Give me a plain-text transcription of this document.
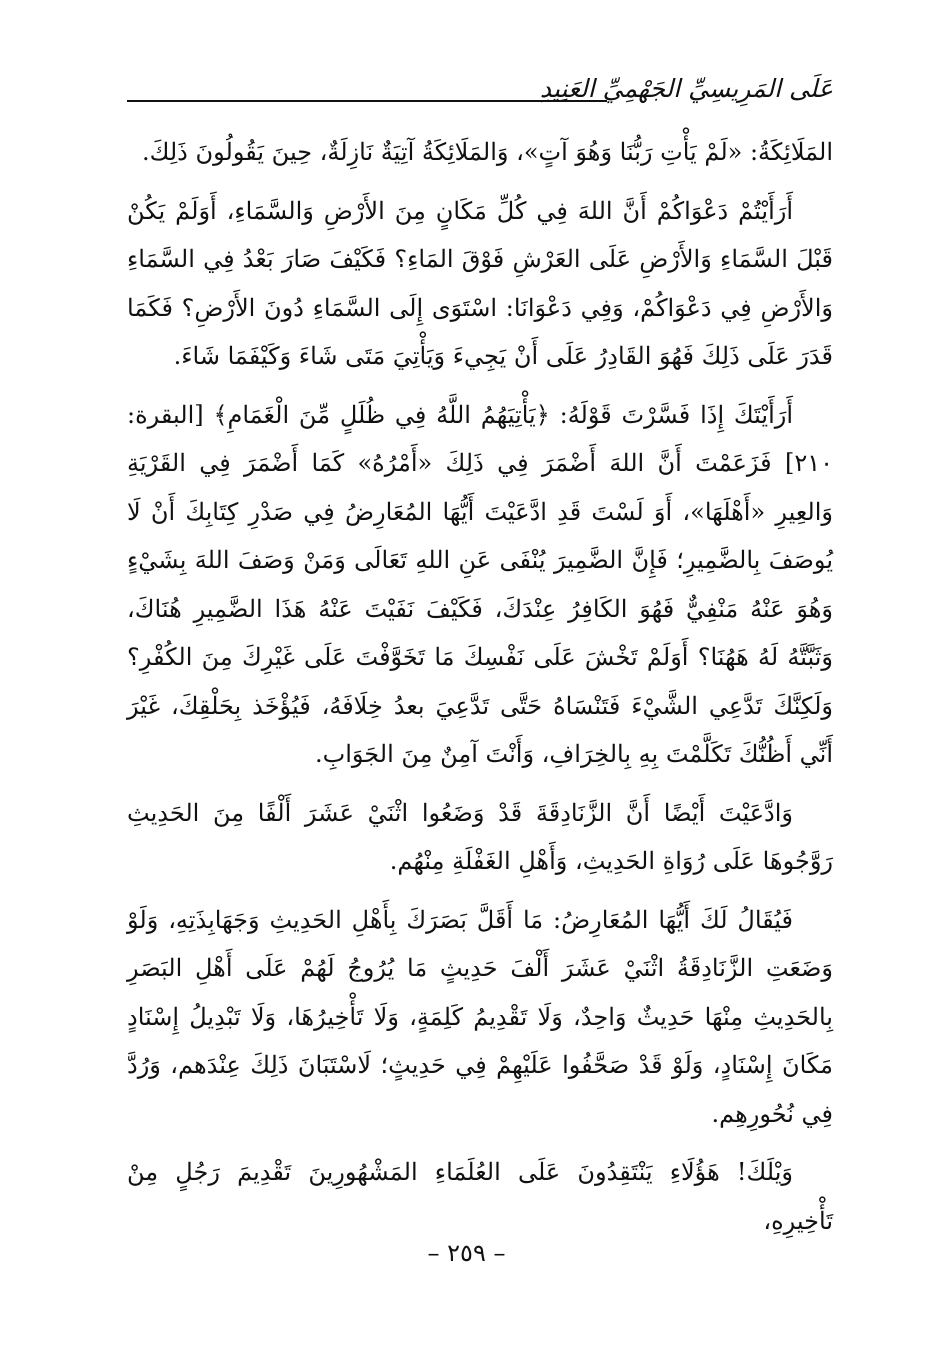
عَلَى المَرِيسِيِّ الجَهْمِيِّ العَنِيدِ

المَلَائِكَةُ: «لَمْ يَأْتِ رَبُّنَا وَهُوَ آتٍ»، وَالمَلَائِكَةُ آتِيَةٌ نَازِلَةٌ، حِينَ يَقُولُونَ ذَلِكَ.

أَرَأَيْتُمْ دَعْوَاكُمْ أَنَّ اللهَ فِي كُلِّ مَكَانٍ مِنَ الأَرْضِ وَالسَّمَاءِ، أَوَلَمْ يَكُنْ قَبْلَ السَّمَاءِ وَالأَرْضِ عَلَى العَرْشِ فَوْقَ المَاءِ؟ فَكَيْفَ صَارَ بَعْدُ فِي السَّمَاءِ وَالأَرْضِ فِي دَعْوَاكُمْ، وَفِي دَعْوَانَا: اسْتَوَى إِلَى السَّمَاءِ دُونَ الأَرْضِ؟ فَكَمَا قَدَرَ عَلَى ذَلِكَ فَهُوَ القَادِرُ عَلَى أَنْ يَجِيءَ وَيَأْتِيَ مَتَى شَاءَ وَكَيْفَمَا شَاءَ.

أَرَأَيْتَكَ إِذَا فَسَّرْتَ قَوْلَهُ: ﴿يَأْتِيَهُمُ اللَّهُ فِي ظُلَلٍ مِّنَ الْغَمَامِ﴾ [البقرة: ٢١٠] فَزَعَمْتَ أَنَّ اللهَ أَضْمَرَ فِي ذَلِكَ «أَمْرُهُ» كَمَا أَضْمَرَ فِي القَرْيَةِ وَالعِيرِ «أَهْلَهَا»، أَوَ لَسْتَ قَدِ ادَّعَيْتَ أَيُّهَا المُعَارِضُ فِي صَدْرِ كِتَابِكَ أَنْ لَا يُوصَفَ بِالضَّمِيرِ؛ فَإِنَّ الضَّمِيرَ يُنْفَى عَنِ اللهِ تَعَالَى وَمَنْ وَصَفَ اللهَ بِشَيْءٍ وَهُوَ عَنْهُ مَنْفِيٌّ فَهُوَ الكَافِرُ عِنْدَكَ، فَكَيْفَ نَفَيْتَ عَنْهُ هَذَا الضَّمِيرِ هُنَاكَ، وَثَبَّتَّهُ لَهُ هَهُنَا؟ أَوَلَمْ تَخْشَ عَلَى نَفْسِكَ مَا تَخَوَّفْتَ عَلَى غَيْرِكَ مِنَ الكُفْرِ؟ وَلَكِنَّكَ تَدَّعِي الشَّيْءَ فَتَنْسَاهُ حَتَّى تَدَّعِيَ بعدُ خِلَافَهُ، فَيُؤْخَذ بِحَلْقِكَ، غَيْرَ أَنِّي أَظُنُّكَ تَكَلَّمْتَ بِهِ بِالخِرَافِ، وَأَنْتَ آمِنٌ مِنَ الجَوَابِ.

وَادَّعَيْتَ أَيْضًا أَنَّ الزَّنَادِقَةَ قَدْ وَضَعُوا اثْنَيْ عَشَرَ أَلْفًا مِنَ الحَدِيثِ رَوَّجُوهَا عَلَى رُوَاةِ الحَدِيثِ، وَأَهْلِ الغَفْلَةِ مِنْهُم.

فَيُقَالُ لَكَ أَيُّهَا المُعَارِضُ: مَا أَقَلَّ بَصَرَكَ بِأَهْلِ الحَدِيثِ وَجَهَابِذَتِهِ، وَلَوْ وَضَعَتِ الزَّنَادِقَةُ اثْنَيْ عَشَرَ أَلْفَ حَدِيثٍ مَا يُرُوجُ لَهُمْ عَلَى أَهْلِ البَصَرِ بِالحَدِيثِ مِنْهَا حَدِيثٌ وَاحِدٌ، وَلَا تَقْدِيمُ كَلِمَةٍ، وَلَا تَأْخِيرُهَا، وَلَا تَبْدِيلُ إِسْنَادٍ مَكَانَ إِسْنَادٍ، وَلَوْ قَدْ صَحَّفُوا عَلَيْهِمْ فِي حَدِيثٍ؛ لَاسْتَبَانَ ذَلِكَ عِنْدَهم، وَرُدَّ فِي نُحُورِهِم.

وَيْلَكَ! هَؤُلَاءِ يَنْتَقِدُونَ عَلَى العُلَمَاءِ المَشْهُورِينَ تَقْدِيمَ رَجُلٍ مِنْ تَأْخِيرِهِ،

– ٢٥٩ –
